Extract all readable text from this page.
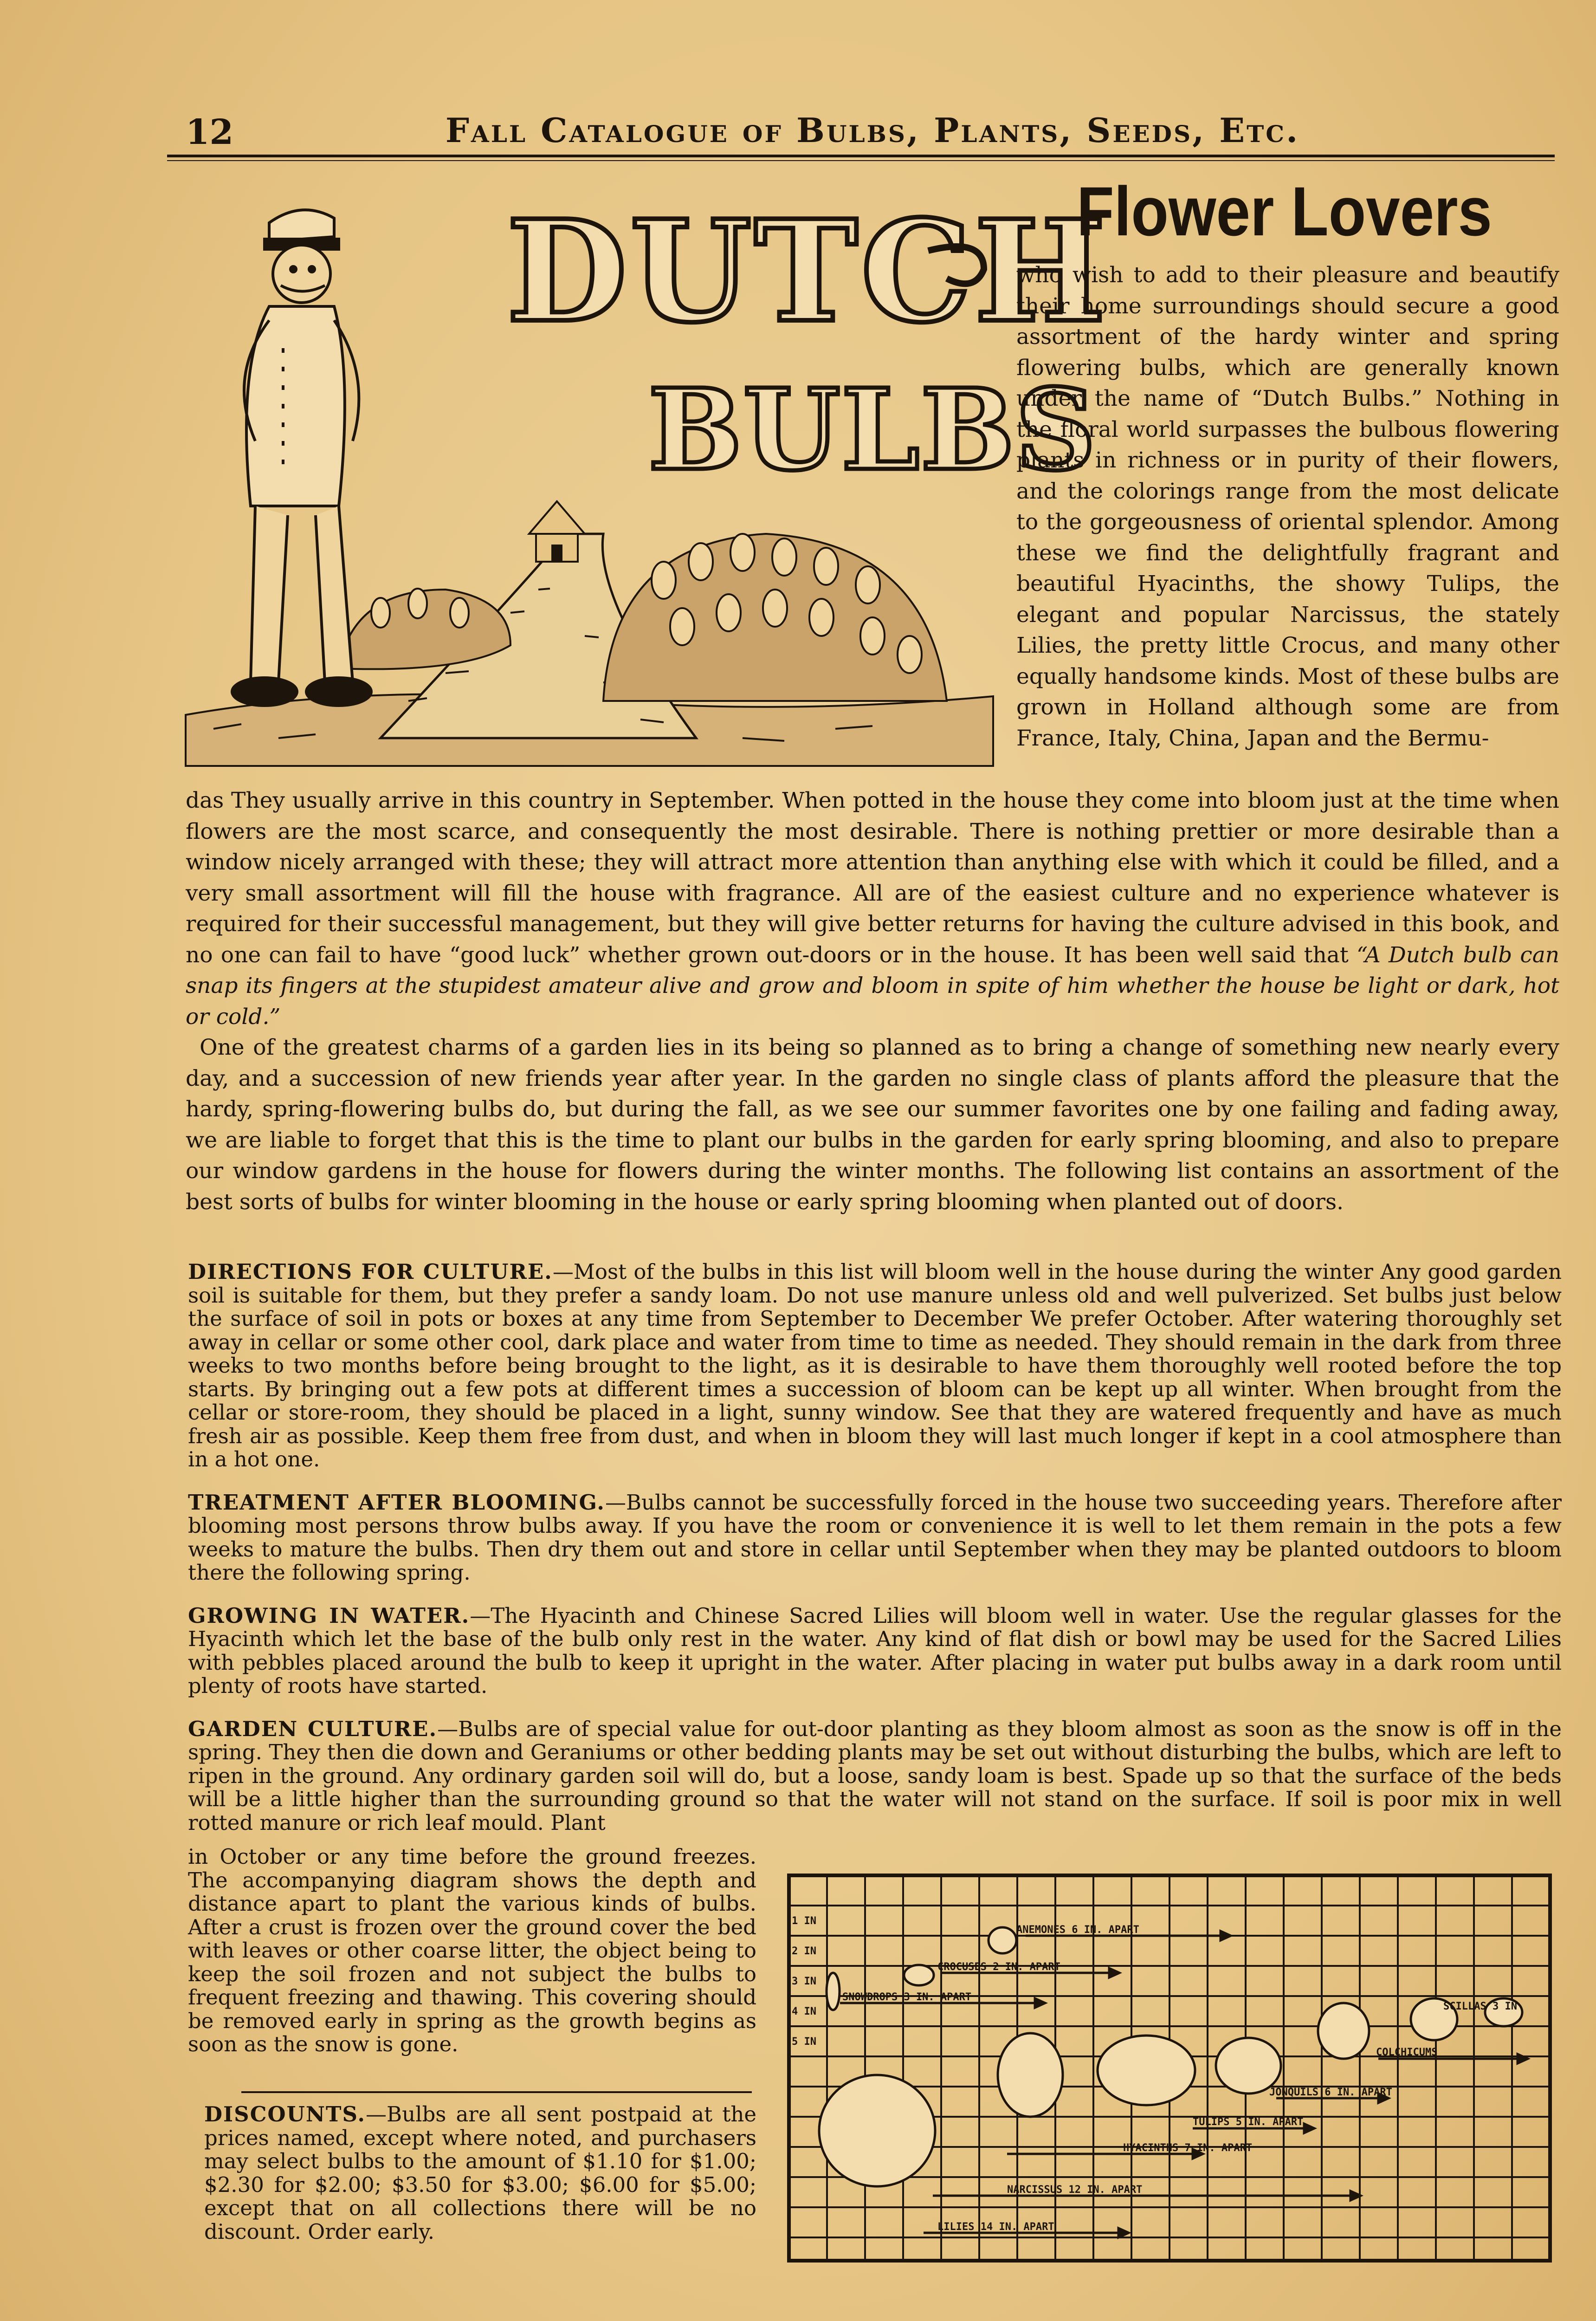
12	Fall Catalogue of Bulbs, Plants, Seeds, Etc.
DUTCH
BULBS
Flower Lovers

who wish to add to their pleasure and beautify their home surroundings should secure a good assortment of the hardy winter and spring flowering bulbs, which are generally known under the name of “Dutch Bulbs.” Nothing in the floral world surpasses the bulbous flowering plants in richness or in purity of their flowers, and the colorings range from the most delicate to the gorgeousness of oriental splendor. Among these we find the delightfully fragrant and beautiful Hyacinths, the showy Tulips, the elegant and popular Narcissus, the stately Lilies, the pretty little Crocus, and many other equally handsome kinds. Most of these bulbs are grown in Holland although some are from France, Italy, China, Japan and the Bermu-

das They usually arrive in this country in September. When potted in the house they come into bloom just at the time when flowers are the most scarce, and consequently the most desirable. There is nothing prettier or more desirable than a window nicely arranged with these; they will attract more attention than anything else with which it could be filled, and a very small assortment will fill the house with fragrance. All are of the easiest culture and no experience whatever is required for their successful management, but they will give better returns for having the culture advised in this book, and no one can fail to have “good luck” whether grown out-doors or in the house. It has been well said that “A Dutch bulb can snap its fingers at the stupidest amateur alive and grow and bloom in spite of him whether the house be light or dark, hot or cold.”

One of the greatest charms of a garden lies in its being so planned as to bring a change of something new nearly every day, and a succession of new friends year after year. In the garden no single class of plants afford the pleasure that the hardy, spring-flowering bulbs do, but during the fall, as we see our summer favorites one by one failing and fading away, we are liable to forget that this is the time to plant our bulbs in the garden for early spring blooming, and also to prepare our window gardens in the house for flowers during the winter months. The following list contains an assortment of the best sorts of bulbs for winter blooming in the house or early spring blooming when planted out of doors.

DIRECTIONS FOR CULTURE.—Most of the bulbs in this list will bloom well in the house during the winter Any good garden soil is suitable for them, but they prefer a sandy loam. Do not use manure unless old and well pulverized. Set bulbs just below the surface of soil in pots or boxes at any time from September to December We prefer October. After watering thoroughly set away in cellar or some other cool, dark place and water from time to time as needed. They should remain in the dark from three weeks to two months before being brought to the light, as it is desirable to have them thoroughly well rooted before the top starts. By bringing out a few pots at different times a succession of bloom can be kept up all winter. When brought from the cellar or store-room, they should be placed in a light, sunny window. See that they are watered frequently and have as much fresh air as possible. Keep them free from dust, and when in bloom they will last much longer if kept in a cool atmosphere than in a hot one.

TREATMENT AFTER BLOOMING.—Bulbs cannot be successfully forced in the house two succeeding years. Therefore after blooming most persons throw bulbs away. If you have the room or convenience it is well to let them remain in the pots a few weeks to mature the bulbs. Then dry them out and store in cellar until September when they may be planted outdoors to bloom there the following spring.

GROWING IN WATER.—The Hyacinth and Chinese Sacred Lilies will bloom well in water. Use the regular glasses for the Hyacinth which let the base of the bulb only rest in the water. Any kind of flat dish or bowl may be used for the Sacred Lilies with pebbles placed around the bulb to keep it upright in the water. After placing in water put bulbs away in a dark room until plenty of roots have started.

GARDEN CULTURE.—Bulbs are of special value for out-door planting as they bloom almost as soon as the snow is off in the spring. They then die down and Geraniums or other bedding plants may be set out without disturbing the bulbs, which are left to ripen in the ground. Any ordinary garden soil will do, but a loose, sandy loam is best. Spade up so that the surface of the beds will be a little higher than the surrounding ground so that the water will not stand on the surface. If soil is poor mix in well rotted manure or rich leaf mould. Plant

in October or any time before the ground freezes. The accompanying diagram shows the depth and distance apart to plant the various kinds of bulbs. After a crust is frozen over the ground cover the bed with leaves or other coarse litter, the object being to keep the soil frozen and not subject the bulbs to frequent freezing and thawing. This covering should be removed early in spring as the growth begins as soon as the snow is gone.
DISCOUNTS.—Bulbs are all sent postpaid at the prices named, except where noted, and purchasers may select bulbs to the amount of $1.10 for $1.00; $2.30 for $2.00; $3.50 for $3.00; $6.00 for $5.00; except that on all collections there will be no discount. Order early.
1 IN
2 IN
3 IN
4 IN
5 IN
ANEMONES 6 IN. APART
CROCUSES 2 IN. APART
SNOWDROPS 3 IN. APART
SCILLAS 3 IN
COLCHICUMS
JONQUILS 6 IN. APART
TULIPS 5 IN. APART
HYACINTHS 7 IN. APART
NARCISSUS 12 IN. APART
LILIES 14 IN. APART
